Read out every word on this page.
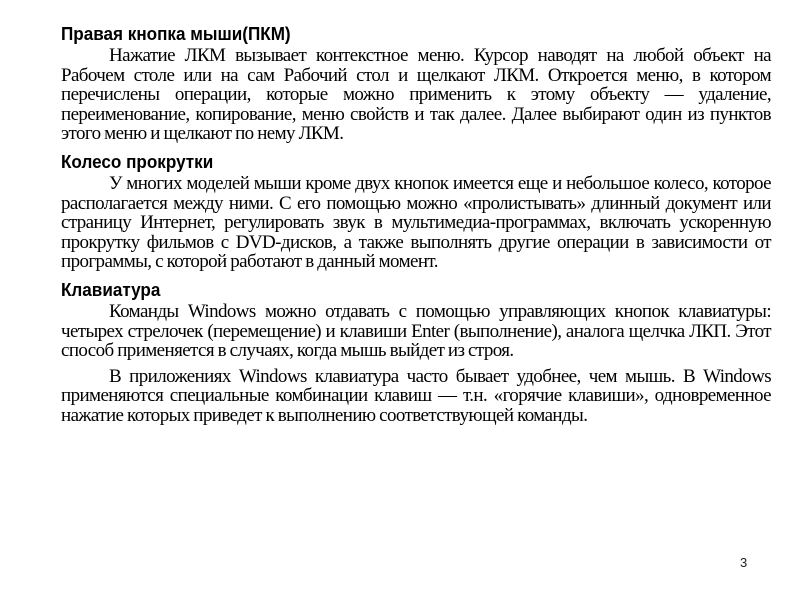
Правая кнопка мыши(ПКМ)

Нажатие ЛКМ вызывает контекстное меню. Курсор наводят на любой объект на Рабочем столе или на сам Рабочий стол и щелкают ЛКМ. Откроется меню, в котором перечислены операции, которые можно применить к этому объекту — удаление, переименование, копирование, меню свойств и так далее. Далее выбирают один из пунктов этого меню и щелкают по нему ЛКМ.

Колесо прокрутки

У многих моделей мыши кроме двух кнопок имеется еще и небольшое колесо, которое располагается между ними. С его помощью можно «пролистывать» длинный документ или страницу Интернет, регулировать звук в мультимедиа-программах, включать ускоренную прокрутку фильмов с DVD-дисков, а также выполнять другие операции в зависимости от программы, с которой работают в данный момент.

Клавиатура

Команды Windows можно отдавать с помощью управляющих кнопок клавиатуры: четырех стрелочек (перемещение) и клавиши Enter (выполнение), аналога щелчка ЛКП. Этот способ применяется в случаях, когда мышь выйдет из строя.

В приложениях Windows клавиатура часто бывает удобнее, чем мышь. В Windows применяются специальные комбинации клавиш — т.н. «горячие клавиши», одновременное нажатие которых приведет к выполнению соответствующей команды.

3
